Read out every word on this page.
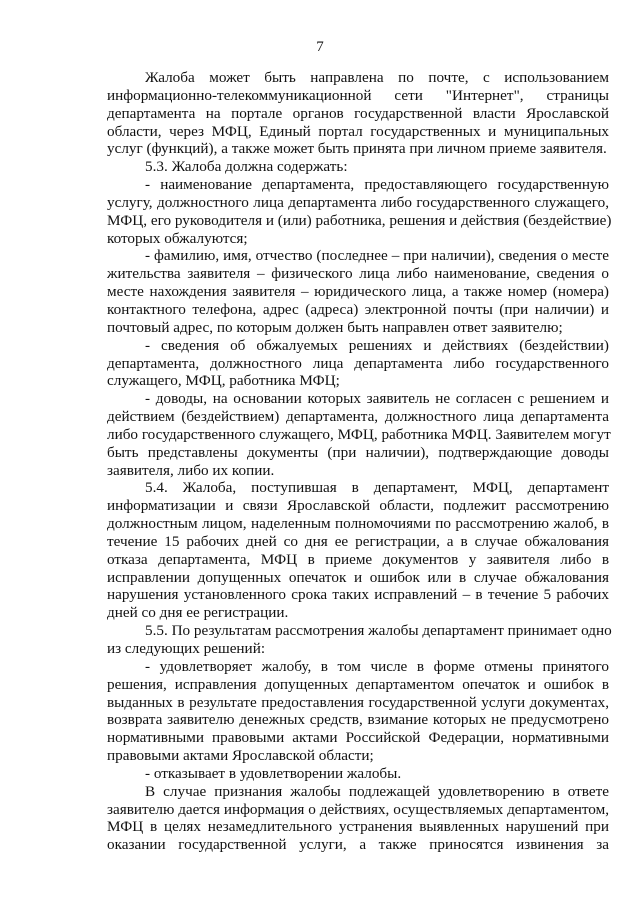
7
Жалоба может быть направлена по почте, с использованием
информационно-телекоммуникационной сети "Интернет", страницы
департамента на портале органов государственной власти Ярославской
области, через МФЦ, Единый портал государственных и муниципальных
услуг (функций), а также может быть принята при личном приеме заявителя.
5.3. Жалоба должна содержать:
- наименование департамента, предоставляющего государственную
услугу, должностного лица департамента либо государственного служащего,
МФЦ, его руководителя и (или) работника, решения и действия (бездействие)
которых обжалуются;
- фамилию, имя, отчество (последнее – при наличии), сведения о месте
жительства заявителя – физического лица либо наименование, сведения о
месте нахождения заявителя – юридического лица, а также номер (номера)
контактного телефона, адрес (адреса) электронной почты (при наличии) и
почтовый адрес, по которым должен быть направлен ответ заявителю;
- сведения об обжалуемых решениях и действиях (бездействии)
департамента, должностного лица департамента либо государственного
служащего, МФЦ, работника МФЦ;
- доводы, на основании которых заявитель не согласен с решением и
действием (бездействием) департамента, должностного лица департамента
либо государственного служащего, МФЦ, работника МФЦ. Заявителем могут
быть представлены документы (при наличии), подтверждающие доводы
заявителя, либо их копии.
5.4. Жалоба, поступившая в департамент, МФЦ, департамент
информатизации и связи Ярославской области, подлежит рассмотрению
должностным лицом, наделенным полномочиями по рассмотрению жалоб, в
течение 15 рабочих дней со дня ее регистрации, а в случае обжалования
отказа департамента, МФЦ в приеме документов у заявителя либо в
исправлении допущенных опечаток и ошибок или в случае обжалования
нарушения установленного срока таких исправлений – в течение 5 рабочих
дней со дня ее регистрации.
5.5. По результатам рассмотрения жалобы департамент принимает одно
из следующих решений:
- удовлетворяет жалобу, в том числе в форме отмены принятого
решения, исправления допущенных департаментом опечаток и ошибок в
выданных в результате предоставления государственной услуги документах,
возврата заявителю денежных средств, взимание которых не предусмотрено
нормативными правовыми актами Российской Федерации, нормативными
правовыми актами Ярославской области;
- отказывает в удовлетворении жалобы.
В случае признания жалобы подлежащей удовлетворению в ответе
заявителю дается информация о действиях, осуществляемых департаментом,
МФЦ в целях незамедлительного устранения выявленных нарушений при
оказании государственной услуги, а также приносятся извинения за
